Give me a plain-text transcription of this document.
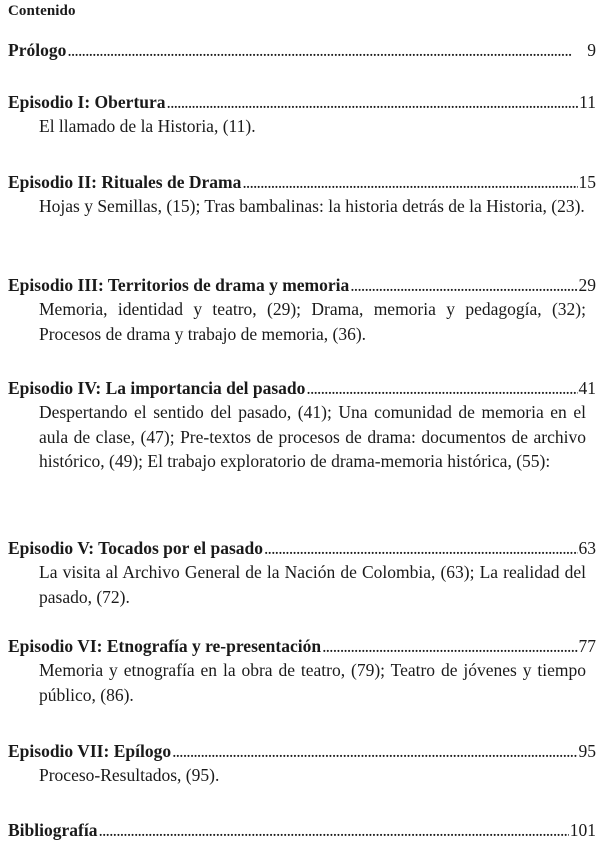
Contenido
Prólogo . . .	9
Episodio I: Obertura . . .	11
El llamado de la Historia, (11).
Episodio II: Rituales de Drama . . .	15
Hojas y Semillas, (15); Tras bambalinas: la historia detrás de la Historia, (23).
Episodio III: Territorios de drama y memoria . . .	29
Memoria, identidad y teatro, (29); Drama, memoria y pedagogía, (32); Procesos de drama y trabajo de memoria, (36).
Episodio IV: La importancia del pasado . . .	41
Despertando el sentido del pasado, (41); Una comunidad de memoria en el aula de clase, (47); Pre-textos de procesos de drama: documentos de archivo histórico, (49); El trabajo exploratorio de drama-memoria histórica, (55):
Episodio V: Tocados por el pasado . . .	63
La visita al Archivo General de la Nación de Colombia, (63); La realidad del pasado, (72).
Episodio VI: Etnografía y re-presentación . . .	77
Memoria y etnografía en la obra de teatro, (79); Teatro de jóvenes y tiempo público, (86).
Episodio VII: Epílogo . . .	95
Proceso-Resultados, (95).
Bibliografía . . .	101
